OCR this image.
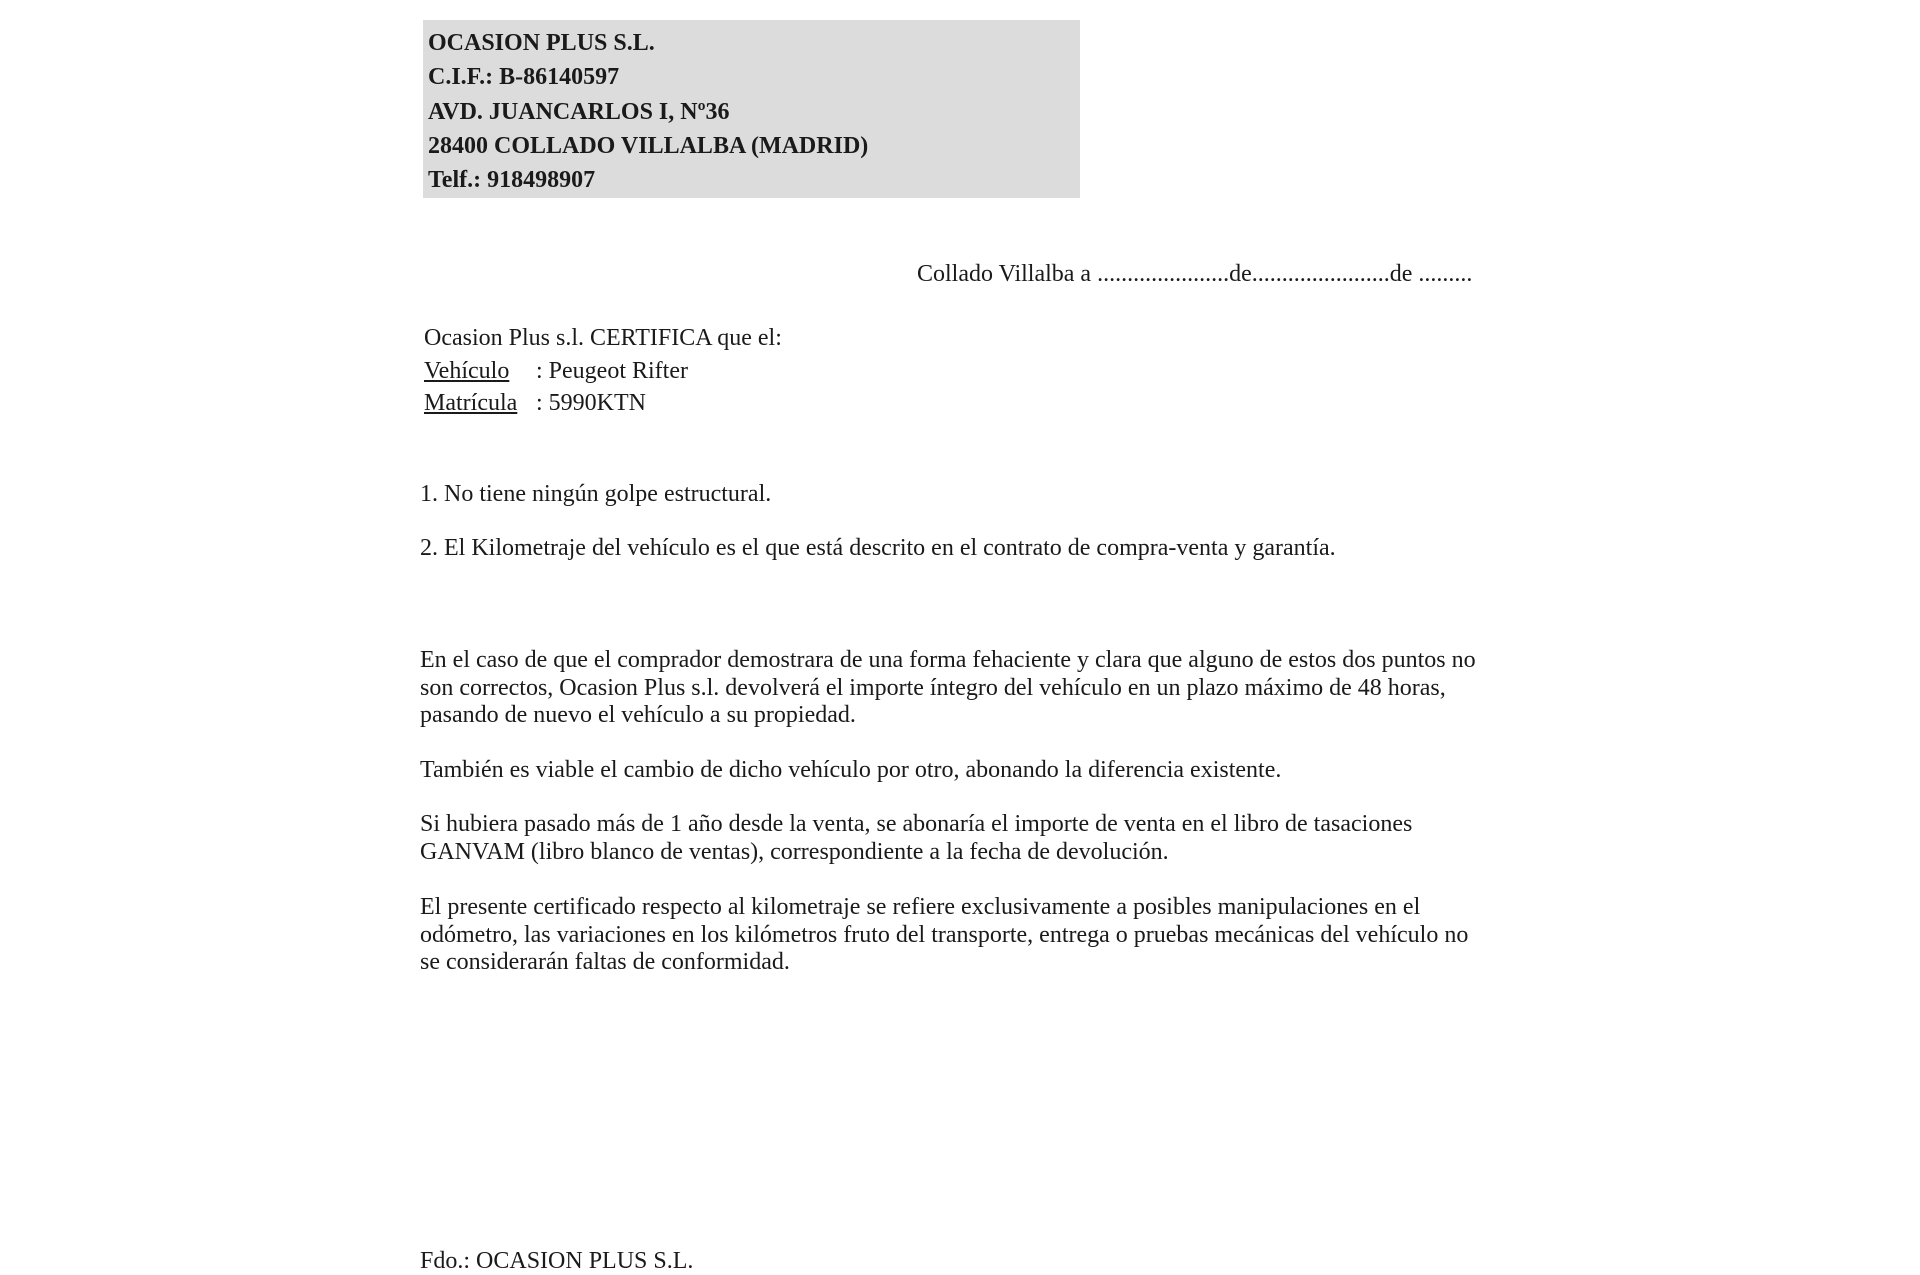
OCASION PLUS S.L.
C.I.F.: B-86140597
AVD. JUANCARLOS I, Nº36
28400 COLLADO VILLALBA (MADRID)
Telf.: 918498907
Collado Villalba a ......................de.......................de .........
Ocasion Plus s.l. CERTIFICA que el:
Vehículo : Peugeot Rifter
Matrícula : 5990KTN
1. No tiene ningún golpe estructural.
2. El Kilometraje del vehículo es el que está descrito en el contrato de compra-venta y garantía.
En el caso de que el comprador demostrara de una forma fehaciente y clara que alguno de estos dos puntos no
son correctos, Ocasion Plus s.l. devolverá el importe íntegro del vehículo en un plazo máximo de 48 horas,
pasando de nuevo el vehículo a su propiedad.
También es viable el cambio de dicho vehículo por otro, abonando la diferencia existente.
Si hubiera pasado más de 1 año desde la venta, se abonaría el importe de venta en el libro de tasaciones
GANVAM (libro blanco de ventas), correspondiente a la fecha de devolución.
El presente certificado respecto al kilometraje se refiere exclusivamente a posibles manipulaciones en el
odómetro, las variaciones en los kilómetros fruto del transporte, entrega o pruebas mecánicas del vehículo no
se considerarán faltas de conformidad.
Fdo.: OCASION PLUS S.L.
